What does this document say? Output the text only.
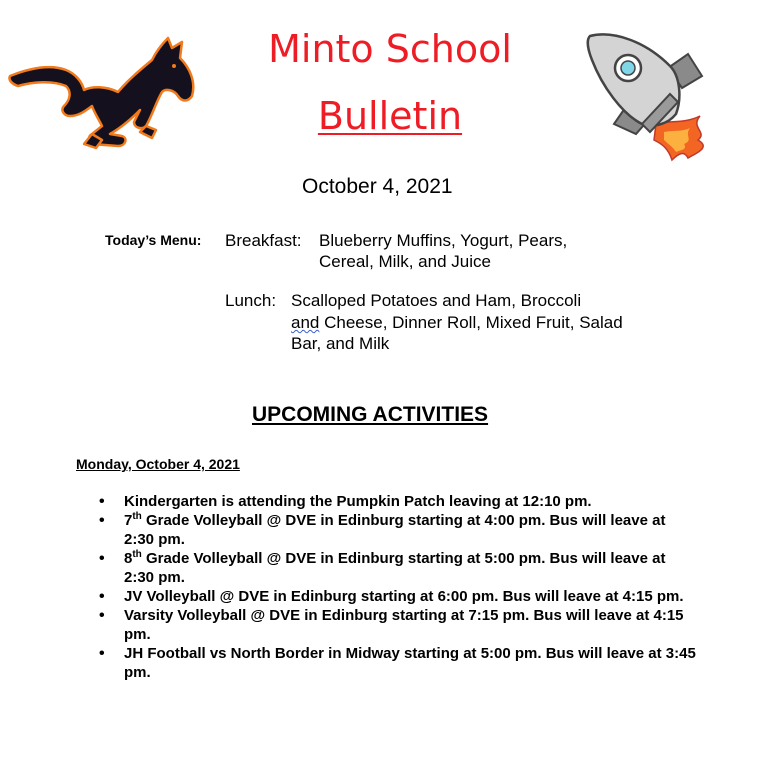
Minto School
Bulletin
October 4, 2021
Today’s Menu: Breakfast: Blueberry Muffins, Yogurt, Pears,
Cereal, Milk, and Juice
Lunch: Scalloped Potatoes and Ham, Broccoli
and Cheese, Dinner Roll, Mixed Fruit, Salad
Bar, and Milk
UPCOMING ACTIVITIES
Monday, October 4, 2021
• Kindergarten is attending the Pumpkin Patch leaving at 12:10 pm.
• 7th Grade Volleyball @ DVE in Edinburg starting at 4:00 pm. Bus will leave at 2:30 pm.
• 8th Grade Volleyball @ DVE in Edinburg starting at 5:00 pm. Bus will leave at 2:30 pm.
• JV Volleyball @ DVE in Edinburg starting at 6:00 pm. Bus will leave at 4:15 pm.
• Varsity Volleyball @ DVE in Edinburg starting at 7:15 pm. Bus will leave at 4:15 pm.
• JH Football vs North Border in Midway starting at 5:00 pm. Bus will leave at 3:45 pm.
